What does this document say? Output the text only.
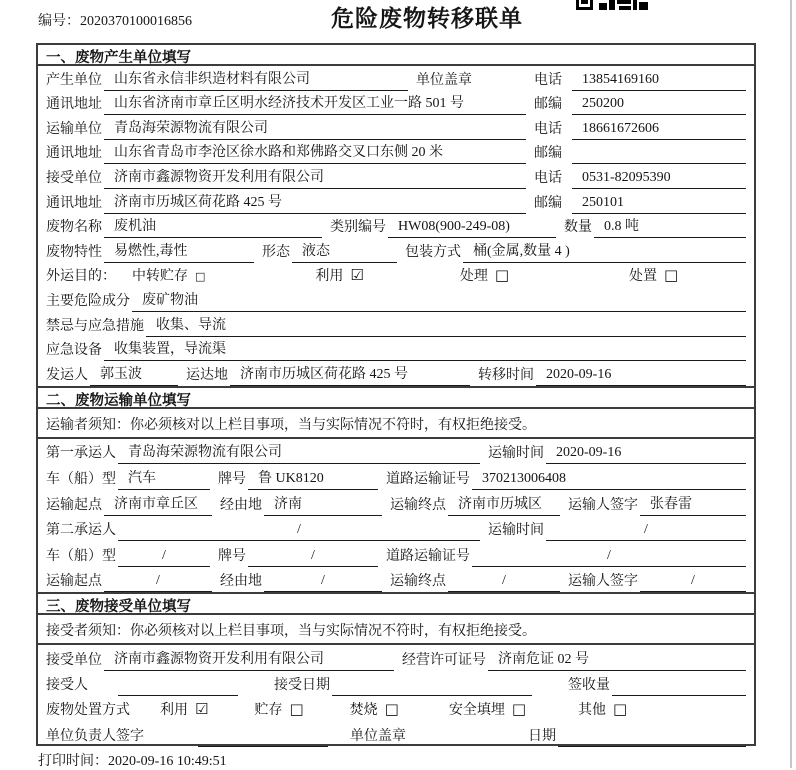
编号：2020370100016856	危险废物转移联单
一、废物产生单位填写
产生单位 山东省永信非织造材料有限公司	单位盖章	电话	13854169160
通讯地址 山东省济南市章丘区明水经济技术开发区工业一路 501 号	邮编	250200
运输单位 青岛海荣源物流有限公司	电话	18661672606
通讯地址 山东省青岛市李沧区徐水路和郑佛路交叉口东侧 20 米	邮编
接受单位 济南市鑫源物资开发利用有限公司	电话	0531-82095390
通讯地址 济南市历城区荷花路 425 号	邮编	250101
废物名称 废机油	类别编号 HW08(900-249-08)	数量 0.8 吨
废物特性 易燃性,毒性	形态 液态	包装方式 桶(金属,数量 4 )
外运目的： 中转贮存 □	利用 ☑	处理 □	处置 □
主要危险成分 废矿物油
禁忌与应急措施 收集、导流
应急设备 收集装置，导流渠
发运人 郭玉波	运达地 济南市历城区荷花路 425 号	转移时间 2020-09-16
二、废物运输单位填写
运输者须知：你必须核对以上栏目事项，当与实际情况不符时，有权拒绝接受。
第一承运人 青岛海荣源物流有限公司	运输时间 2020-09-16
车（船）型 汽车	牌号 鲁 UK8120	道路运输证号 370213006408
运输起点 济南市章丘区	经由地 济南	运输终点 济南市历城区	运输人签字 张春雷
第二承运人	/	运输时间	/
车（船）型	/	牌号	/	道路运输证号	/
运输起点	/	经由地	/	运输终点	/	运输人签字	/
三、废物接受单位填写
接受者须知：你必须核对以上栏目事项，当与实际情况不符时，有权拒绝接受。
接受单位 济南市鑫源物资开发利用有限公司	经营许可证号 济南危证 02 号
接受人	接受日期	签收量
废物处置方式 利用 ☑	贮存 □	焚烧 □	安全填埋 □	其他 □
单位负责人签字	单位盖章	日期
打印时间：2020-09-16 10:49:51
